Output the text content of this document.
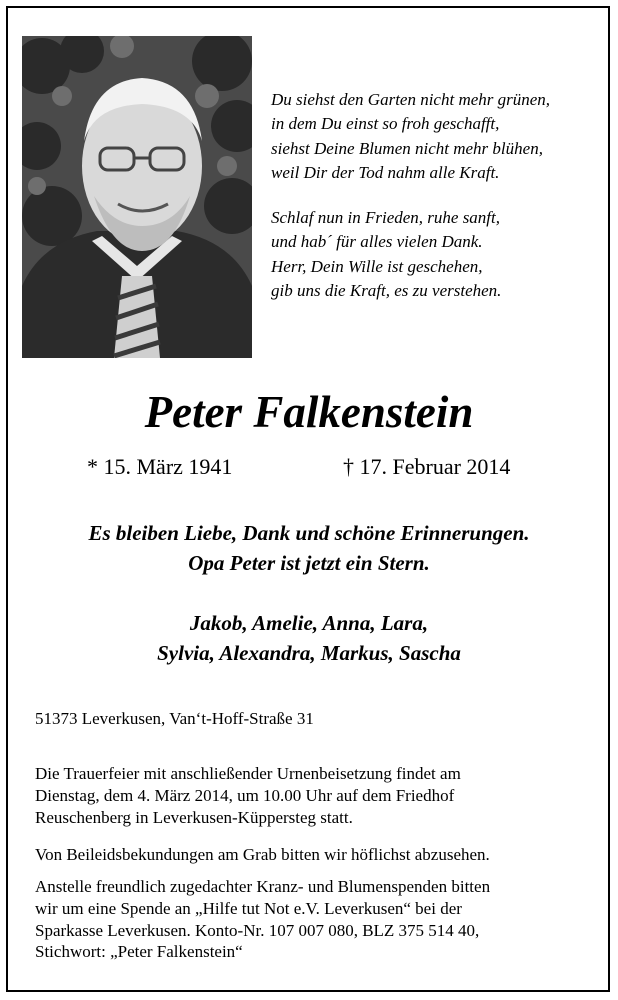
Du siehst den Garten nicht mehr grünen,
in dem Du einst so froh geschafft,
siehst Deine Blumen nicht mehr blühen,
weil Dir der Tod nahm alle Kraft.

Schlaf nun in Frieden, ruhe sanft,
und hab´ für alles vielen Dank.
Herr, Dein Wille ist geschehen,
gib uns die Kraft, es zu verstehen.

Peter Falkenstein
* 15. März 1941	† 17. Februar 2014
Es bleiben Liebe, Dank und schöne Erinnerungen.
Opa Peter ist jetzt ein Stern.
Jakob, Amelie, Anna, Lara,
Sylvia, Alexandra, Markus, Sascha
51373 Leverkusen, Van‘t-Hoff-Straße 31
Die Trauerfeier mit anschließender Urnenbeisetzung findet am
Dienstag, dem 4. März 2014, um 10.00 Uhr auf dem Friedhof
Reuschenberg in Leverkusen-Küppersteg statt.
Von Beileidsbekundungen am Grab bitten wir höflichst abzusehen.
Anstelle freundlich zugedachter Kranz- und Blumenspenden bitten
wir um eine Spende an „Hilfe tut Not e.V. Leverkusen“ bei der
Sparkasse Leverkusen. Konto-Nr. 107 007 080, BLZ 375 514 40,
Stichwort: „Peter Falkenstein“
